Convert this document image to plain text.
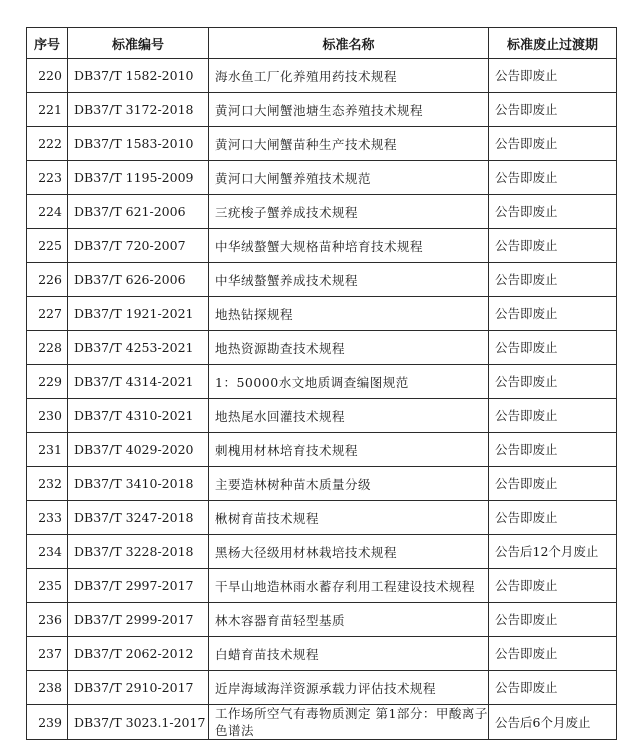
序号	标准编号	标准名称	标准废止过渡期
220	DB37/T 1582-2010	海水鱼工厂化养殖用药技术规程	公告即废止
221	DB37/T 3172-2018	黄河口大闸蟹池塘生态养殖技术规程	公告即废止
222	DB37/T 1583-2010	黄河口大闸蟹苗种生产技术规程	公告即废止
223	DB37/T 1195-2009	黄河口大闸蟹养殖技术规范	公告即废止
224	DB37/T 621-2006	三疣梭子蟹养成技术规程	公告即废止
225	DB37/T 720-2007	中华绒螯蟹大规格苗种培育技术规程	公告即废止
226	DB37/T 626-2006	中华绒螯蟹养成技术规程	公告即废止
227	DB37/T 1921-2021	地热钻探规程	公告即废止
228	DB37/T 4253-2021	地热资源勘查技术规程	公告即废止
229	DB37/T 4314-2021	1：50000水文地质调查编图规范	公告即废止
230	DB37/T 4310-2021	地热尾水回灌技术规程	公告即废止
231	DB37/T 4029-2020	刺槐用材林培育技术规程	公告即废止
232	DB37/T 3410-2018	主要造林树种苗木质量分级	公告即废止
233	DB37/T 3247-2018	楸树育苗技术规程	公告即废止
234	DB37/T 3228-2018	黑杨大径级用材林栽培技术规程	公告后12个月废止
235	DB37/T 2997-2017	干旱山地造林雨水蓄存利用工程建设技术规程	公告即废止
236	DB37/T 2999-2017	林木容器育苗轻型基质	公告即废止
237	DB37/T 2062-2012	白蜡育苗技术规程	公告即废止
238	DB37/T 2910-2017	近岸海域海洋资源承载力评估技术规程	公告即废止
239	DB37/T 3023.1-2017	工作场所空气有毒物质测定 第1部分：甲酸离子色谱法	公告后6个月废止
